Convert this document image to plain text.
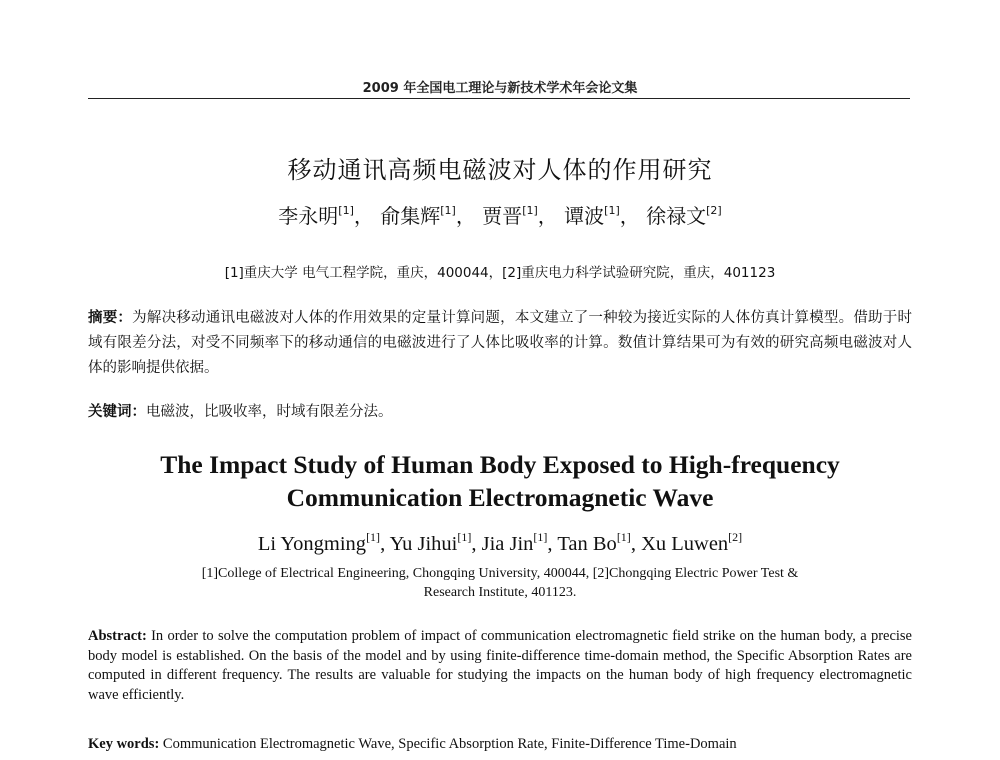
2009 年全国电工理论与新技术学术年会论文集
移动通讯高频电磁波对人体的作用研究
李永明[1]， 俞集辉[1]， 贾晋[1]， 谭波[1]， 徐禄文[2]
[1]重庆大学 电气工程学院，重庆，400044，[2]重庆电力科学试验研究院，重庆，401123
摘要：为解决移动通讯电磁波对人体的作用效果的定量计算问题，本文建立了一种较为接近实际的人体仿真计算模型。借助于时域有限差分法，对受不同频率下的移动通信的电磁波进行了人体比吸收率的计算。数值计算结果可为有效的研究高频电磁波对人体的影响提供依据。
关键词：电磁波，比吸收率，时域有限差分法。
The Impact Study of Human Body Exposed to High-frequency
Communication Electromagnetic Wave
Li Yongming[1], Yu Jihui[1], Jia Jin[1], Tan Bo[1], Xu Luwen[2]
[1]College of Electrical Engineering, Chongqing University, 400044, [2]Chongqing Electric Power Test &
Research Institute, 401123.
Abstract: In order to solve the computation problem of impact of communication electromagnetic field strike on the human body, a precise body model is established. On the basis of the model and by using finite-difference time-domain method, the Specific Absorption Rates are computed in different frequency. The results are valuable for studying the impacts on the human body of high frequency electromagnetic wave efficiently.
Key words: Communication Electromagnetic Wave, Specific Absorption Rate, Finite-Difference Time-Domain
